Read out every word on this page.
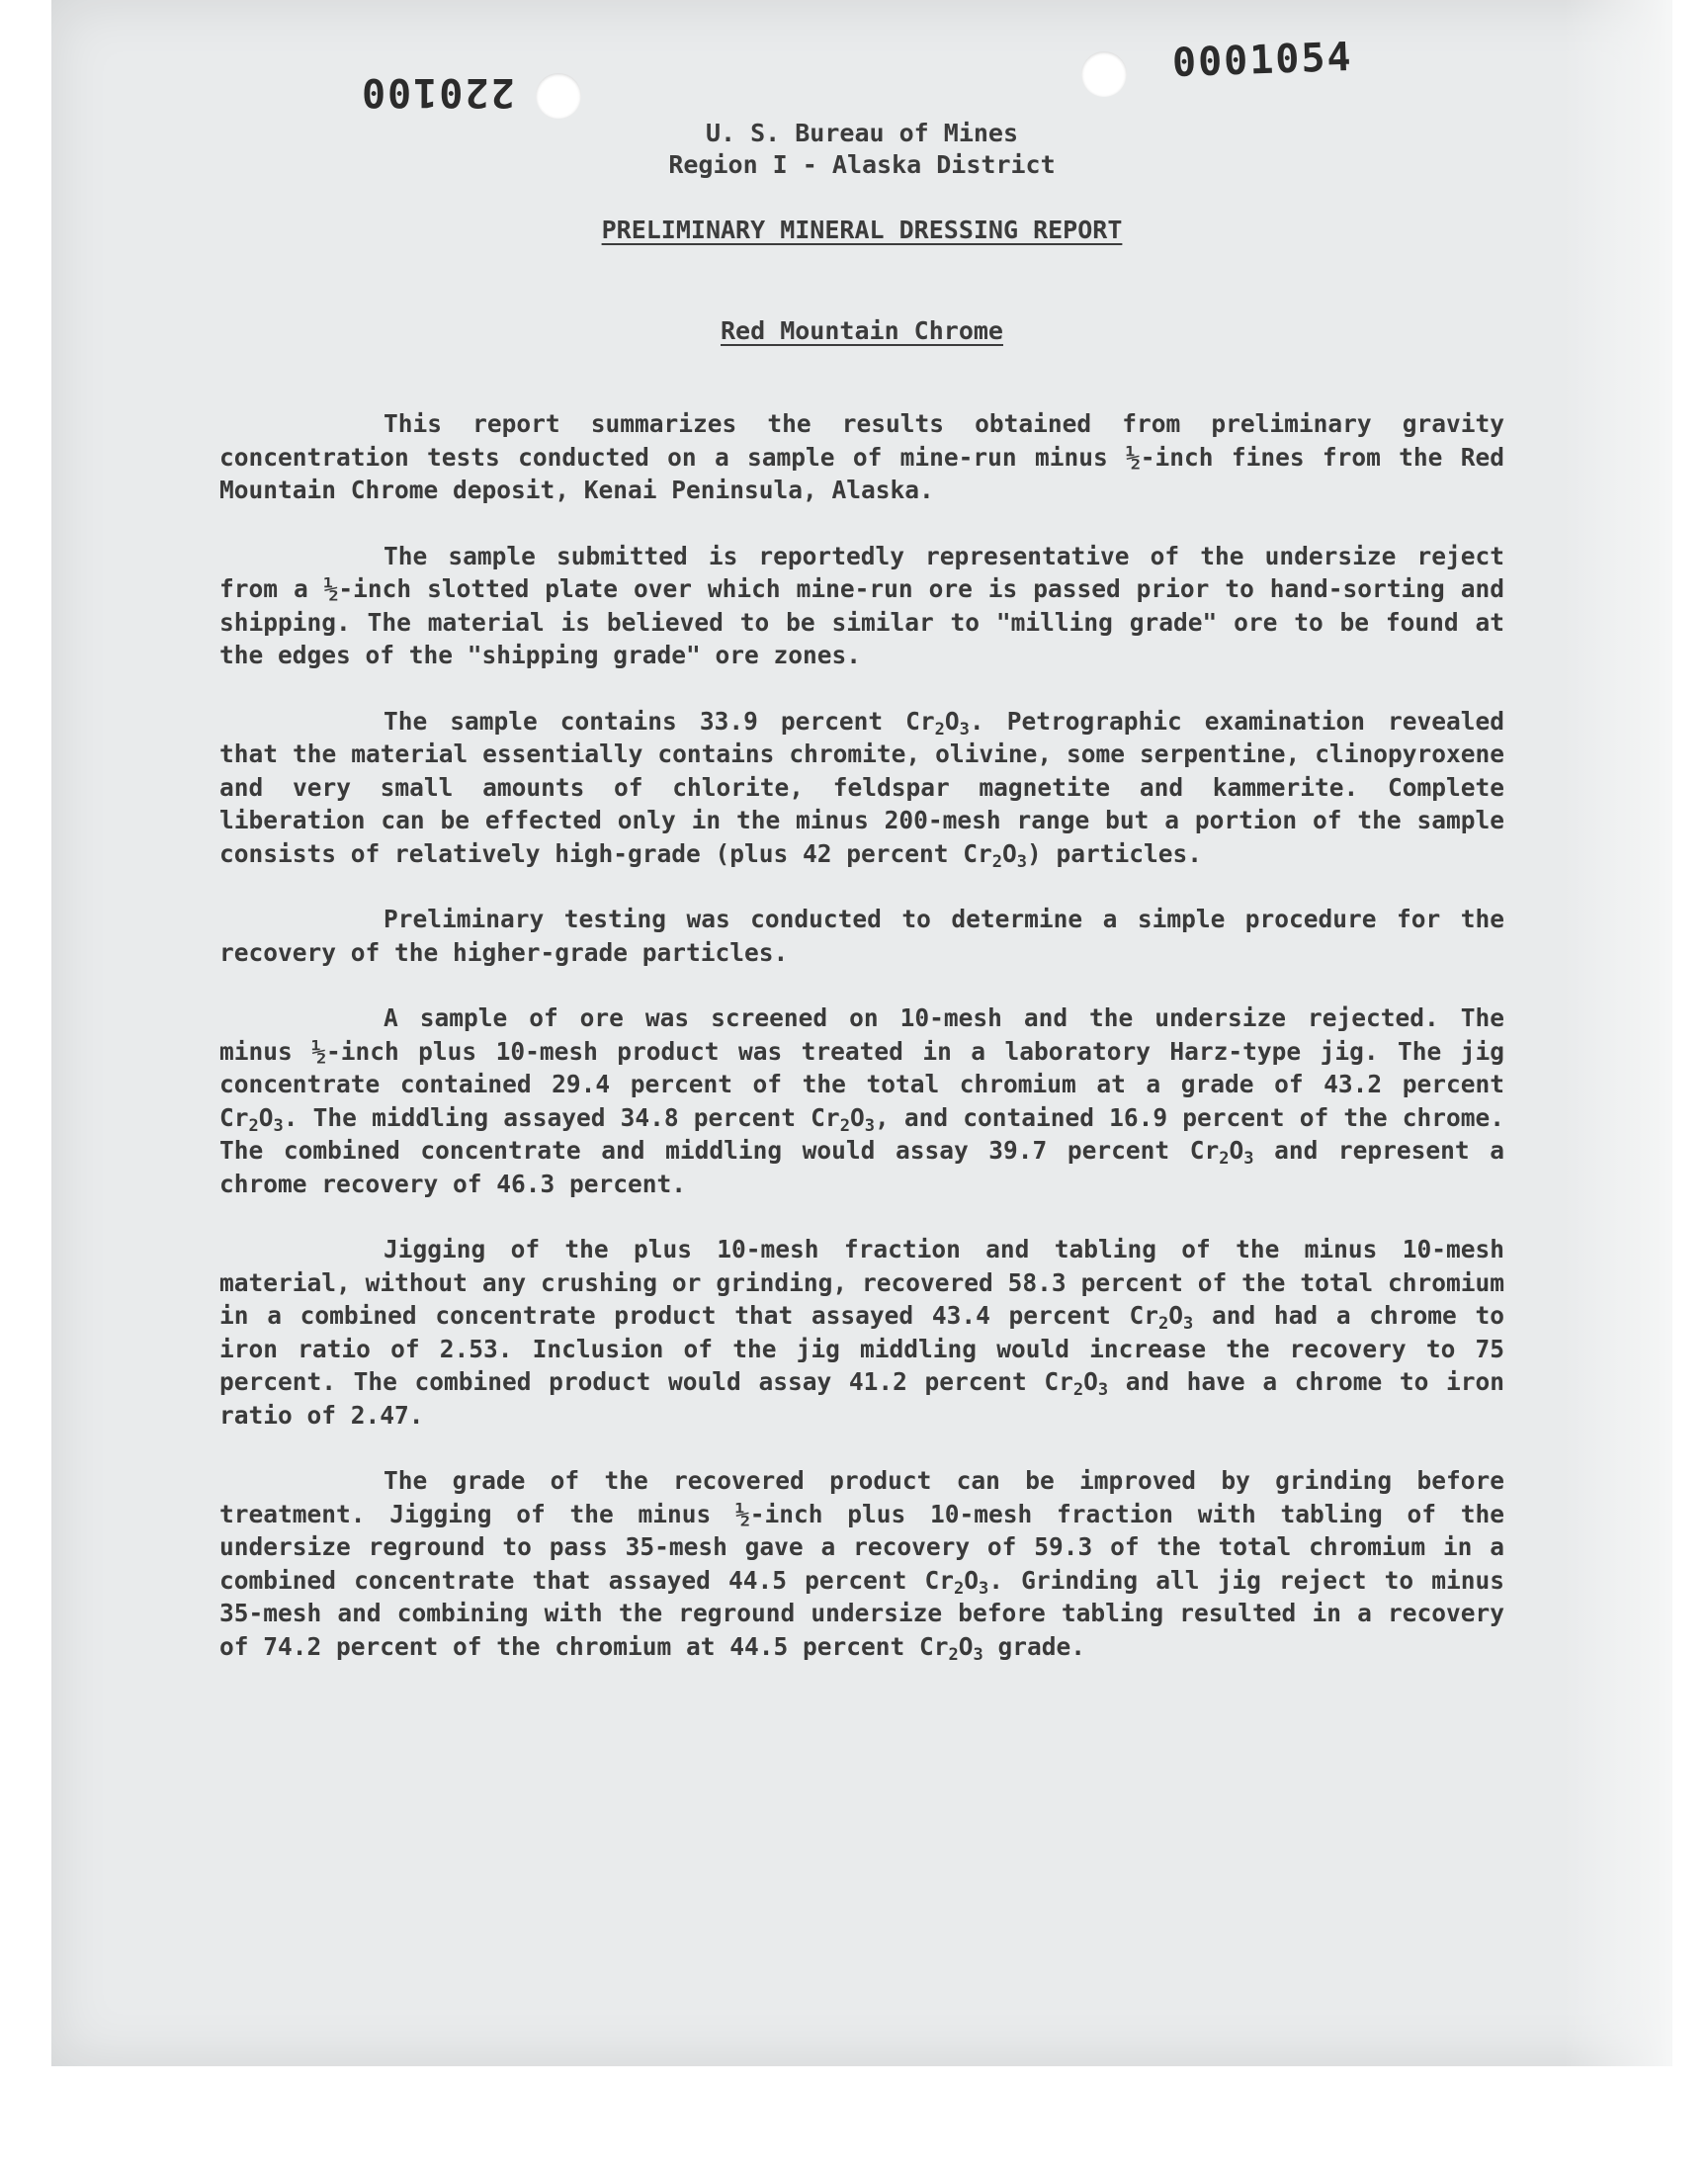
220100
0001054
U. S. Bureau of Mines
Region I - Alaska District
PRELIMINARY MINERAL DRESSING REPORT
Red Mountain Chrome

This report summarizes the results obtained from preliminary gravity concentration tests conducted on a sample of mine-run minus ½-inch fines from the Red Mountain Chrome deposit, Kenai Peninsula, Alaska.

The sample submitted is reportedly representative of the undersize reject from a ½-inch slotted plate over which mine-run ore is passed prior to hand-sorting and shipping. The material is believed to be similar to "milling grade" ore to be found at the edges of the "shipping grade" ore zones.

The sample contains 33.9 percent $Cr_2O_3$. Petrographic examination revealed that the material essentially contains chromite, olivine, some serpentine, clinopyroxene and very small amounts of chlorite, feldspar magnetite and kammerite. Complete liberation can be effected only in the minus 200-mesh range but a portion of the sample consists of relatively high-grade (plus 42 percent $Cr_2O_3$) particles.

Preliminary testing was conducted to determine a simple procedure for the recovery of the higher-grade particles.

A sample of ore was screened on 10-mesh and the undersize rejected. The minus ½-inch plus 10-mesh product was treated in a laboratory Harz-type jig. The jig concentrate contained 29.4 percent of the total chromium at a grade of 43.2 percent $Cr_2O_3$. The middling assayed 34.8 percent $Cr_2O_3$, and contained 16.9 percent of the chrome. The combined concentrate and middling would assay 39.7 percent $Cr_2O_3$ and represent a chrome recovery of 46.3 percent.

Jigging of the plus 10-mesh fraction and tabling of the minus 10-mesh material, without any crushing or grinding, recovered 58.3 percent of the total chromium in a combined concentrate product that assayed 43.4 percent $Cr_2O_3$ and had a chrome to iron ratio of 2.53. Inclusion of the jig middling would increase the recovery to 75 percent. The combined product would assay 41.2 percent $Cr_2O_3$ and have a chrome to iron ratio of 2.47.

The grade of the recovered product can be improved by grinding before treatment. Jigging of the minus ½-inch plus 10-mesh fraction with tabling of the undersize reground to pass 35-mesh gave a recovery of 59.3 of the total chromium in a combined concentrate that assayed 44.5 percent $Cr_2O_3$. Grinding all jig reject to minus 35-mesh and combining with the reground undersize before tabling resulted in a recovery of 74.2 percent of the chromium at 44.5 percent $Cr_2O_3$ grade.
